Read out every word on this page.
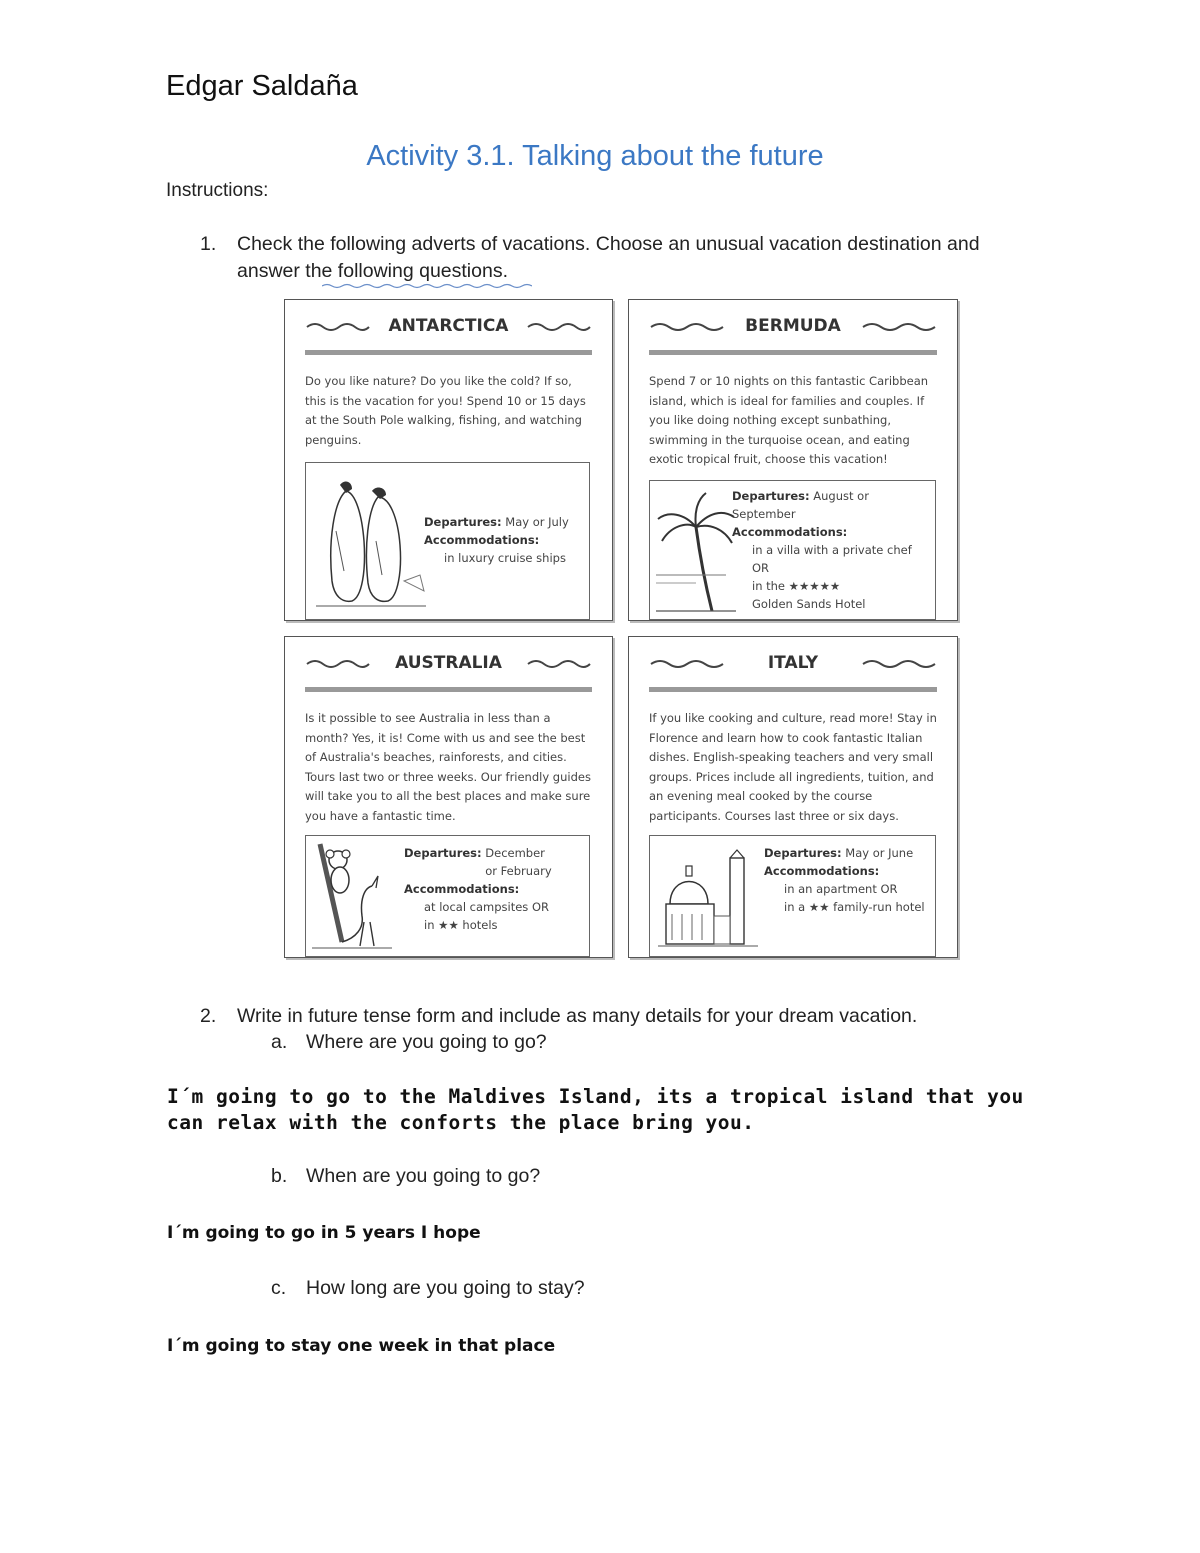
Edgar Saldaña
Activity 3.1. Talking about the future
Instructions:
1. Check the following adverts of vacations. Choose an unusual vacation destination and answer the following questions.
ANTARCTICA
Do you like nature? Do you like the cold? If so, this is the vacation for you! Spend 10 or 15 days at the South Pole walking, fishing, and watching penguins.
Departures: May or July
Accommodations:
in luxury cruise ships
BERMUDA
Spend 7 or 10 nights on this fantastic Caribbean island, which is ideal for families and couples. If you like doing nothing except sunbathing, swimming in the turquoise ocean, and eating exotic tropical fruit, choose this vacation!
Departures: August or September
Accommodations:
in a villa with a private chef OR
in the ★★★★★ Golden Sands Hotel
AUSTRALIA
Is it possible to see Australia in less than a month? Yes, it is! Come with us and see the best of Australia's beaches, rainforests, and cities. Tours last two or three weeks. Our friendly guides will take you to all the best places and make sure you have a fantastic time.
Departures: December or February
Accommodations:
at local campsites OR
in ★★ hotels
ITALY
If you like cooking and culture, read more! Stay in Florence and learn how to cook fantastic Italian dishes. English-speaking teachers and very small groups. Prices include all ingredients, tuition, and an evening meal cooked by the course participants. Courses last three or six days.
Departures: May or June
Accommodations:
in an apartment OR
in a ★★ family-run hotel
2. Write in future tense form and include as many details for your dream vacation.
a. Where are you going to go?
I´m going to go to the Maldives Island, its a tropical island that you can relax with the conforts the place bring you.
b. When are you going to go?
I´m going to go in 5 years I hope
c. How long are you going to stay?
I´m going to stay one week in that place
